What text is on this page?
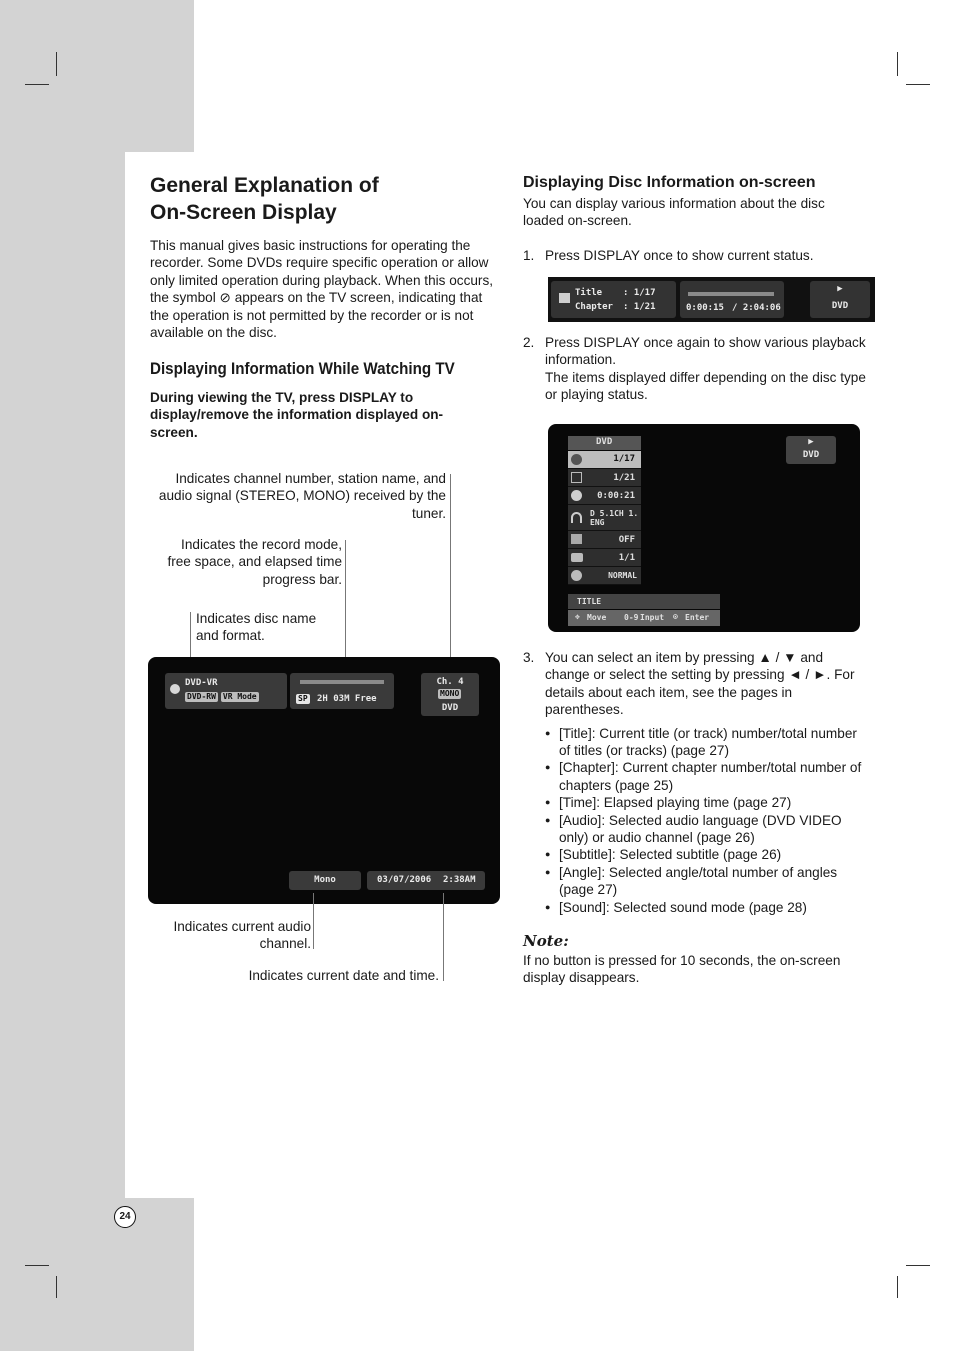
General Explanation of
On-Screen Display
This manual gives basic instructions for operating the recorder. Some DVDs require specific operation or allow only limited operation during playback. When this occurs, the symbol ⊘ appears on the TV screen, indicating that the operation is not permitted by the recorder or is not available on the disc.
Displaying Information While Watching TV
During viewing the TV, press DISPLAY to display/remove the information displayed on-screen.
Indicates channel number, station name, and audio signal (STEREO, MONO) received by the tuner.
Indicates the record mode, free space, and elapsed time progress bar.
Indicates disc name and format.
DVD-VR
DVD-RW VR Mode	SP 2H 03M Free
Ch. 4
MONO
DVD
Mono	03/07/2006 2:38AM
Indicates current audio channel.
Indicates current date and time.
Displaying Disc Information on-screen
You can display various information about the disc loaded on-screen.
1. Press DISPLAY once to show current status.
Title : 1/17
Chapter : 1/21	0:00:15 / 2:04:06
▶
DVD
2. Press DISPLAY once again to show various playback information.
The items displayed differ depending on the disc type or playing status.
DVD
1/17
1/21
0:00:21
D 5.1CH 1. ENG
OFF
1/1
NORMAL
TITLE
✥ Move 0-9 Input ⊙ Enter
▶
DVD
3. You can select an item by pressing ▲ / ▼ and change or select the setting by pressing ◄ / ►. For details about each item, see the pages in parentheses.
● [Title]: Current title (or track) number/total number of titles (or tracks) (page 27)
● [Chapter]: Current chapter number/total number of chapters (page 25)
● [Time]: Elapsed playing time (page 27)
● [Audio]: Selected audio language (DVD VIDEO only) or audio channel (page 26)
● [Subtitle]: Selected subtitle (page 26)
● [Angle]: Selected angle/total number of angles (page 27)
● [Sound]: Selected sound mode (page 28)
Note:
If no button is pressed for 10 seconds, the on-screen display disappears.
24
